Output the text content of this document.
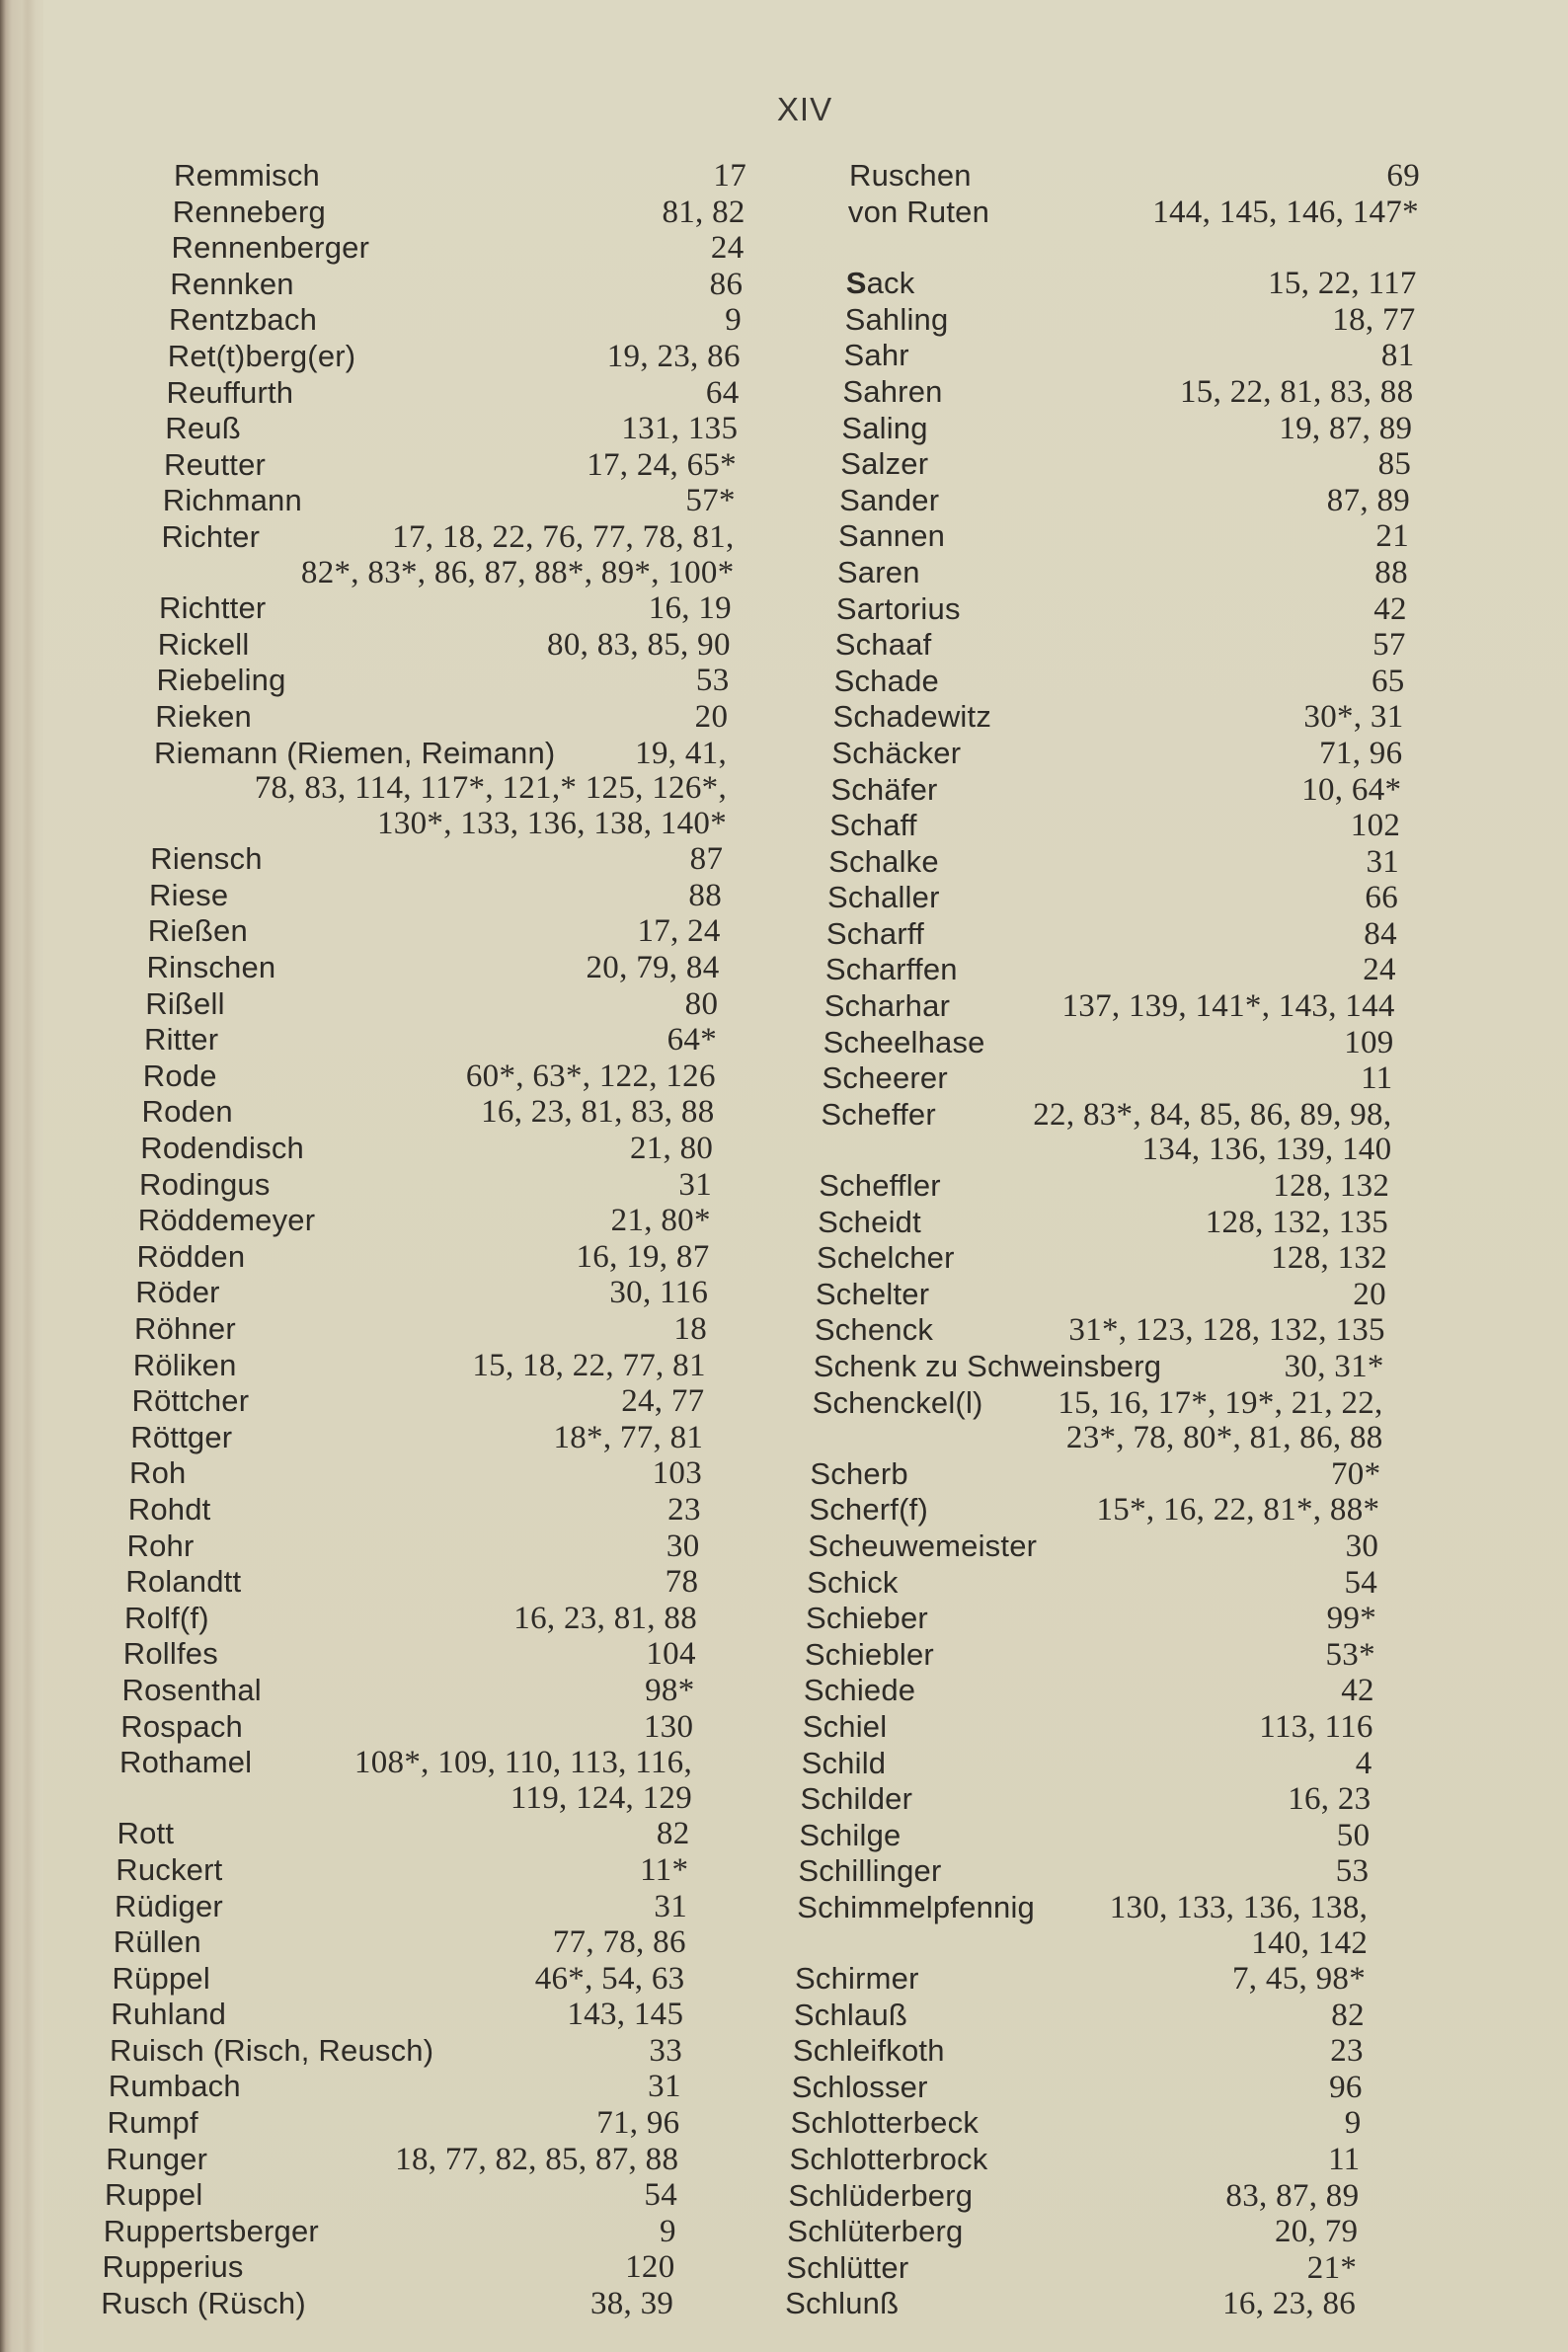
XIV
Remmisch	17
Renneberg	81, 82
Rennenberger	24
Rennken	86
Rentzbach	9
Ret(t)berg(er)	19, 23, 86
Reuffurth	64
Reuß	131, 135
Reutter	17, 24, 65*
Richmann	57*
Richter	17, 18, 22, 76, 77, 78, 81,
82*, 83*, 86, 87, 88*, 89*, 100*
Richtter	16, 19
Rickell	80, 83, 85, 90
Riebeling	53
Rieken	20
Riemann (Riemen, Reimann) 19, 41,
78, 83, 114, 117*, 121,* 125, 126*,
130*, 133, 136, 138, 140*
Riensch	87
Riese	88
Rießen	17, 24
Rinschen	20, 79, 84
Rißell	80
Ritter	64*
Rode	60*, 63*, 122, 126
Roden	16, 23, 81, 83, 88
Rodendisch	21, 80
Rodingus	31
Röddemeyer	21, 80*
Rödden	16, 19, 87
Röder	30, 116
Röhner	18
Röliken	15, 18, 22, 77, 81
Röttcher	24, 77
Röttger	18*, 77, 81
Roh	103
Rohdt	23
Rohr	30
Rolandtt	78
Rolf(f)	16, 23, 81, 88
Rollfes	104
Rosenthal	98*
Rospach	130
Rothamel	108*, 109, 110, 113, 116,
119, 124, 129
Rott	82
Ruckert	11*
Rüdiger	31
Rüllen	77, 78, 86
Rüppel	46*, 54, 63
Ruhland	143, 145
Ruisch (Risch, Reusch)	33
Rumbach	31
Rumpf	71, 96
Runger	18, 77, 82, 85, 87, 88
Ruppel	54
Ruppertsberger	9
Rupperius	120
Rusch (Rüsch)	38, 39
Ruschen	69
von Ruten	144, 145, 146, 147*
Sack	15, 22, 117
Sahling	18, 77
Sahr	81
Sahren	15, 22, 81, 83, 88
Saling	19, 87, 89
Salzer	85
Sander	87, 89
Sannen	21
Saren	88
Sartorius	42
Schaaf	57
Schade	65
Schadewitz	30*, 31
Schäcker	71, 96
Schäfer	10, 64*
Schaff	102
Schalke	31
Schaller	66
Scharff	84
Scharffen	24
Scharhar	137, 139, 141*, 143, 144
Scheelhase	109
Scheerer	11
Scheffer	22, 83*, 84, 85, 86, 89, 98,
134, 136, 139, 140
Scheffler	128, 132
Scheidt	128, 132, 135
Schelcher	128, 132
Schelter	20
Schenck	31*, 123, 128, 132, 135
Schenk zu Schweinsberg	30, 31*
Schenckel(l) 15, 16, 17*, 19*, 21, 22,
23*, 78, 80*, 81, 86, 88
Scherb	70*
Scherf(f)	15*, 16, 22, 81*, 88*
Scheuwemeister	30
Schick	54
Schieber	99*
Schiebler	53*
Schiede	42
Schiel	113, 116
Schild	4
Schilder	16, 23
Schilge	50
Schillinger	53
Schimmelpfennig 130, 133, 136, 138,
140, 142
Schirmer	7, 45, 98*
Schlauß	82
Schleifkoth	23
Schlosser	96
Schlotterbeck	9
Schlotterbrock	11
Schlüderberg	83, 87, 89
Schlüterberg	20, 79
Schlütter	21*
Schlunß	16, 23, 86
